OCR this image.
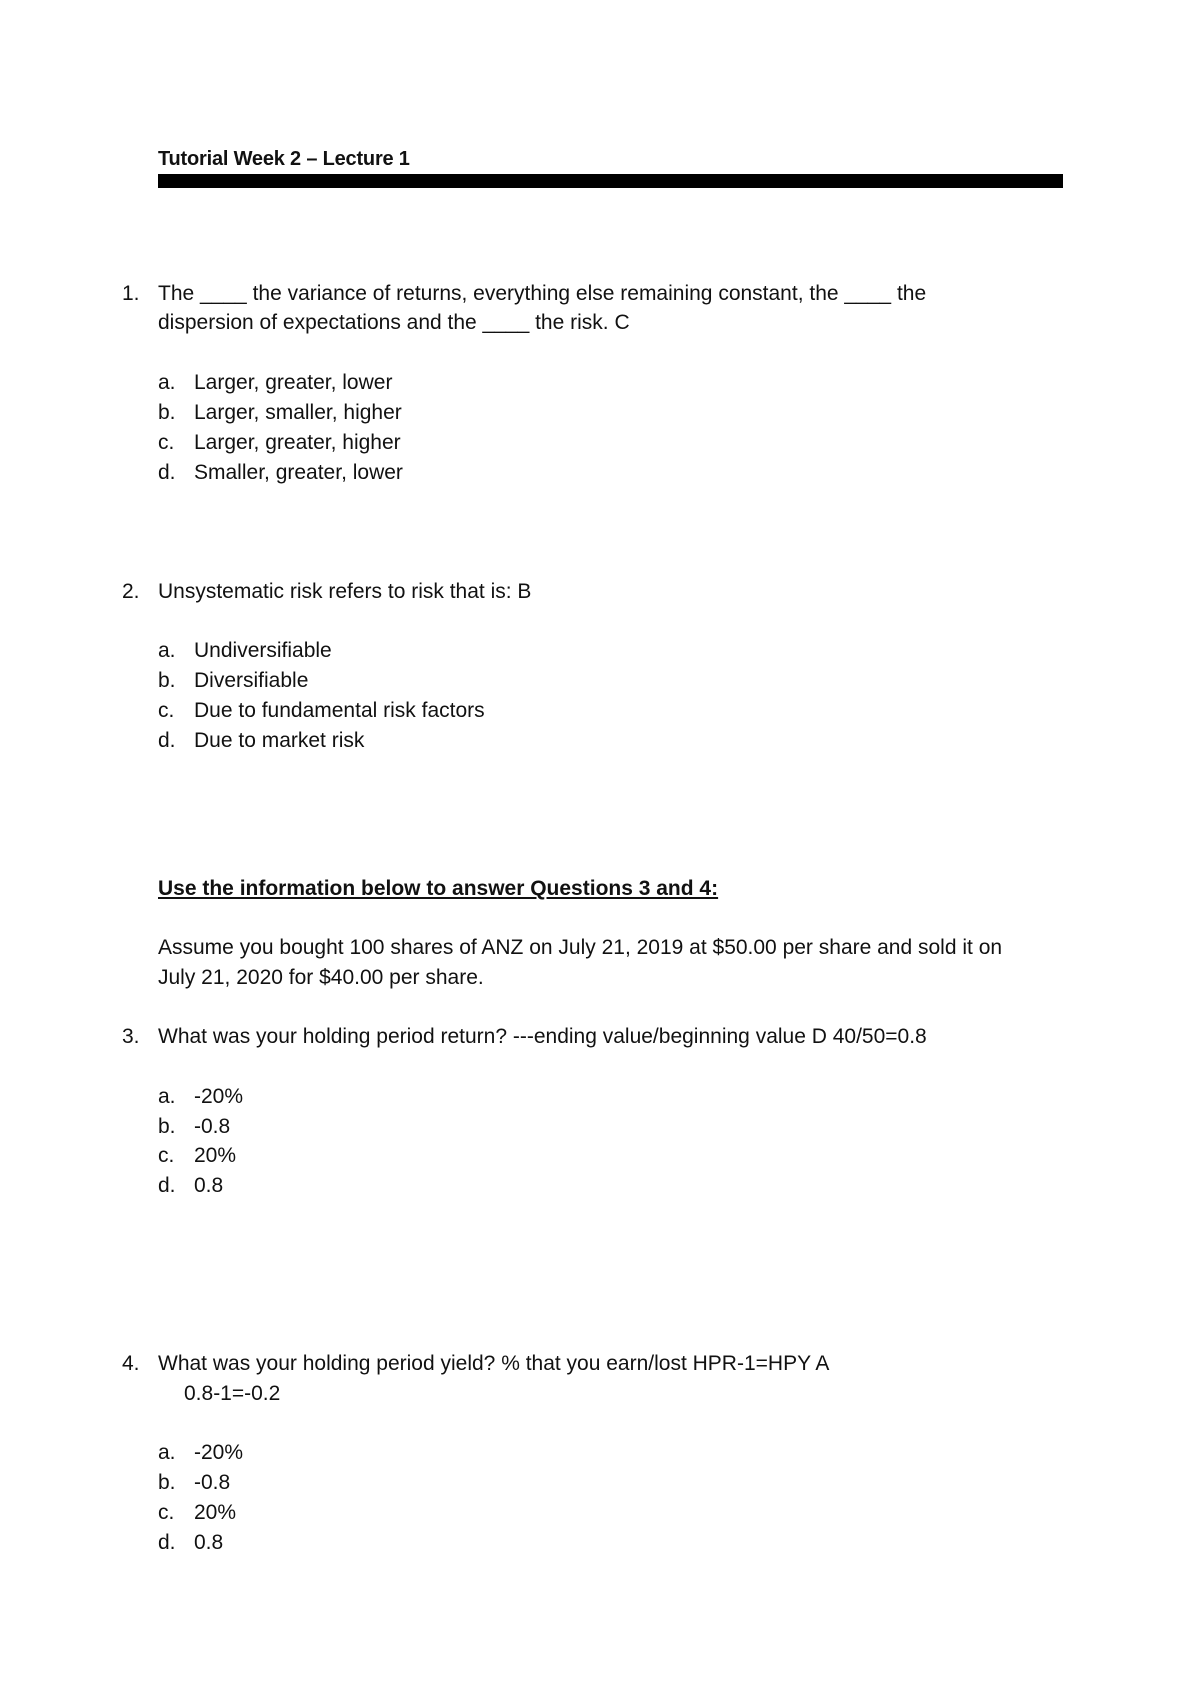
Tutorial Week 2 – Lecture 1
1. The ____ the variance of returns, everything else remaining constant, the ____ the
dispersion of expectations and the ____ the risk. C
a. Larger, greater, lower
b. Larger, smaller, higher
c. Larger, greater, higher
d. Smaller, greater, lower
2. Unsystematic risk refers to risk that is: B
a. Undiversifiable
b. Diversifiable
c. Due to fundamental risk factors
d. Due to market risk
Use the information below to answer Questions 3 and 4:
Assume you bought 100 shares of ANZ on July 21, 2019 at $50.00 per share and sold it on
July 21, 2020 for $40.00 per share.
3. What was your holding period return? ---ending value/beginning value D 40/50=0.8
a. -20%
b. -0.8
c. 20%
d. 0.8
4. What was your holding period yield? % that you earn/lost HPR-1=HPY A
0.8-1=-0.2
a. -20%
b. -0.8
c. 20%
d. 0.8
